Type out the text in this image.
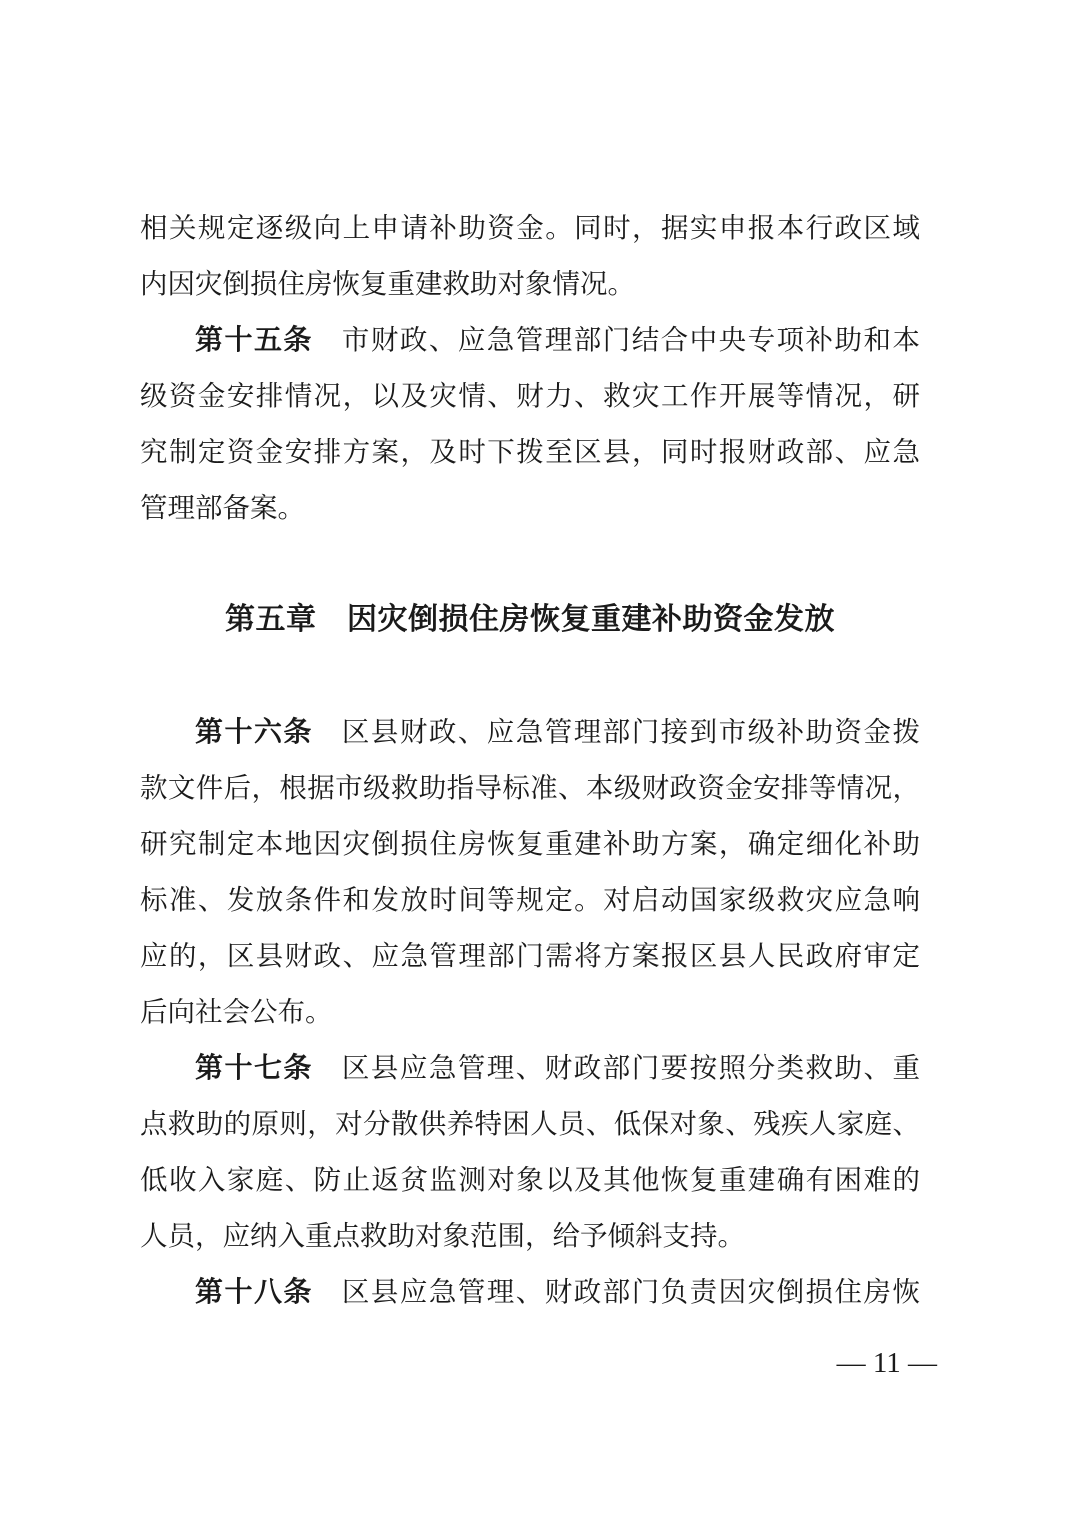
相关规定逐级向上申请补助资金。同时，据实申报本行政区域
内因灾倒损住房恢复重建救助对象情况。
第十五条　 市财政、应急管理部门结合中央专项补助和本
级资金安排情况，以及灾情、财力、救灾工作开展等情况，研
究制定资金安排方案，及时下拨至区县，同时报财政部、应急
管理部备案。
第五章　 因灾倒损住房恢复重建补助资金发放
第十六条　 区县财政、应急管理部门接到市级补助资金拨
款文件后，根据市级救助指导标准、本级财政资金安排等情况，
研究制定本地因灾倒损住房恢复重建补助方案，确定细化补助
标准、发放条件和发放时间等规定。对启动国家级救灾应急响
应的，区县财政、应急管理部门需将方案报区县人民政府审定
后向社会公布。
第十七条　 区县应急管理、财政部门要按照分类救助、重
点救助的原则，对分散供养特困人员、低保对象、残疾人家庭、
低收入家庭、防止返贫监测对象以及其他恢复重建确有困难的
人员，应纳入重点救助对象范围，给予倾斜支持。
第十八条　 区县应急管理、财政部门负责因灾倒损住房恢
— 11 —
